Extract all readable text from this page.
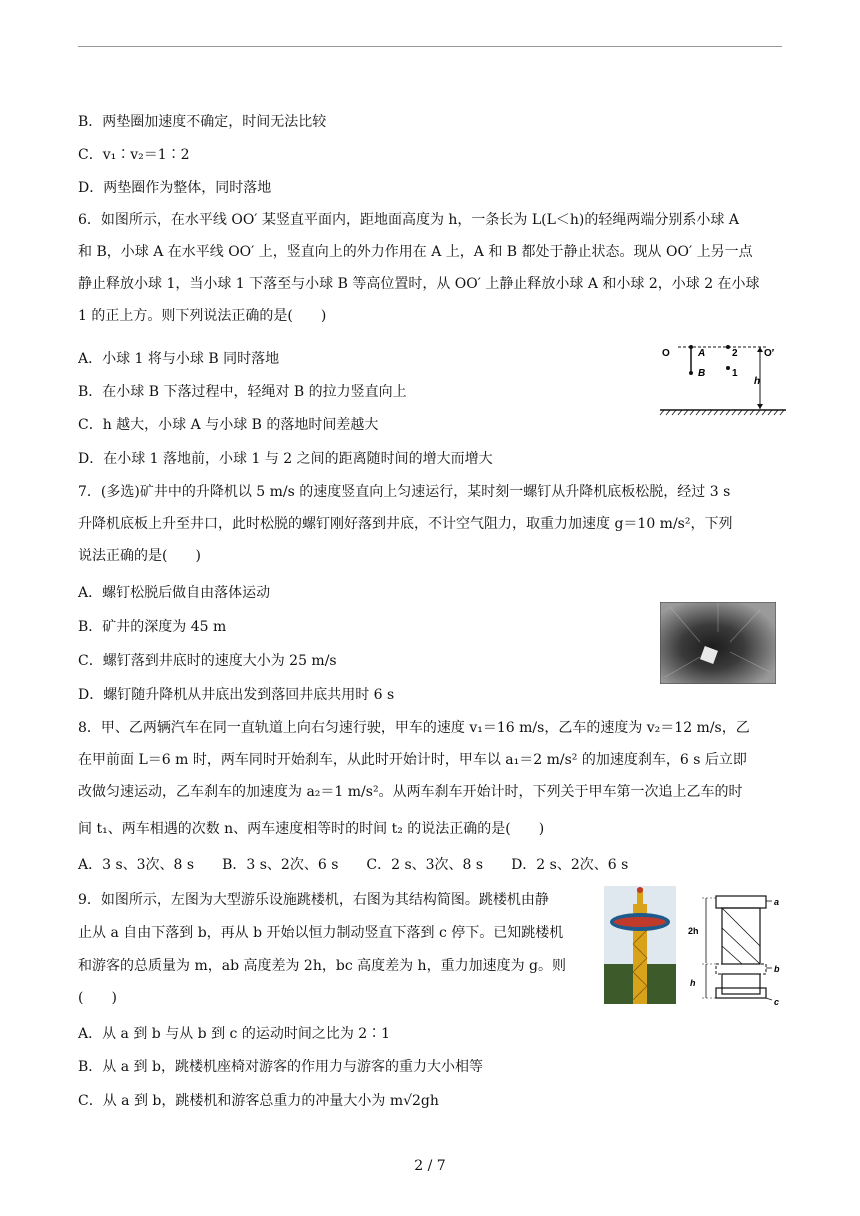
B．两垫圈加速度不确定，时间无法比较
C．v₁∶v₂＝1∶2
D．两垫圈作为整体，同时落地
6．如图所示，在水平线 OO′ 某竖直平面内，距地面高度为 h，一条长为 L(L＜h)的轻绳两端分别系小球 A
和 B，小球 A 在水平线 OO′ 上，竖直向上的外力作用在 A 上，A 和 B 都处于静止状态。现从 OO′ 上另一点
静止释放小球 1，当小球 1 下落至与小球 B 等高位置时，从 OO′ 上静止释放小球 A 和小球 2，小球 2 在小球
1 的正上方。则下列说法正确的是(　　)
A．小球 1 将与小球 B 同时落地
B．在小球 B 下落过程中，轻绳对 B 的拉力竖直向上
C．h 越大，小球 A 与小球 B 的落地时间差越大
D．在小球 1 落地前，小球 1 与 2 之间的距离随时间的增大而增大
7．(多选)矿井中的升降机以 5 m/s 的速度竖直向上匀速运行，某时刻一螺钉从升降机底板松脱，经过 3 s
升降机底板上升至井口，此时松脱的螺钉刚好落到井底，不计空气阻力，取重力加速度 g＝10 m/s²，下列
说法正确的是(　　)
A．螺钉松脱后做自由落体运动
B．矿井的深度为 45 m
C．螺钉落到井底时的速度大小为 25 m/s
D．螺钉随升降机从井底出发到落回井底共用时 6 s
8．甲、乙两辆汽车在同一直轨道上向右匀速行驶，甲车的速度 v₁＝16 m/s，乙车的速度为 v₂＝12 m/s，乙
在甲前面 L＝6 m 时，两车同时开始刹车，从此时开始计时，甲车以 a₁＝2 m/s² 的加速度刹车，6 s 后立即
改做匀速运动，乙车刹车的加速度为 a₂＝1 m/s²。从两车刹车开始计时，下列关于甲车第一次追上乙车的时
间 t₁、两车相遇的次数 n、两车速度相等时的时间 t₂ 的说法正确的是(　　)
A．3 s、3次、8 s　　B．3 s、2次、6 s　　C．2 s、3次、8 s　　D．2 s、2次、6 s
9．如图所示，左图为大型游乐设施跳楼机，右图为其结构简图。跳楼机由静
止从 a 自由下落到 b，再从 b 开始以恒力制动竖直下落到 c 停下。已知跳楼机
和游客的总质量为 m，ab 高度差为 2h，bc 高度差为 h，重力加速度为 g。则
(　　)
A．从 a 到 b 与从 b 到 c 的运动时间之比为 2∶1
B．从 a 到 b，跳楼机座椅对游客的作用力与游客的重力大小相等
C．从 a 到 b，跳楼机和游客总重力的冲量大小为 m√2gh
O	A
B
2
1
O′
h
a
2h
b
c
h
2 / 7
